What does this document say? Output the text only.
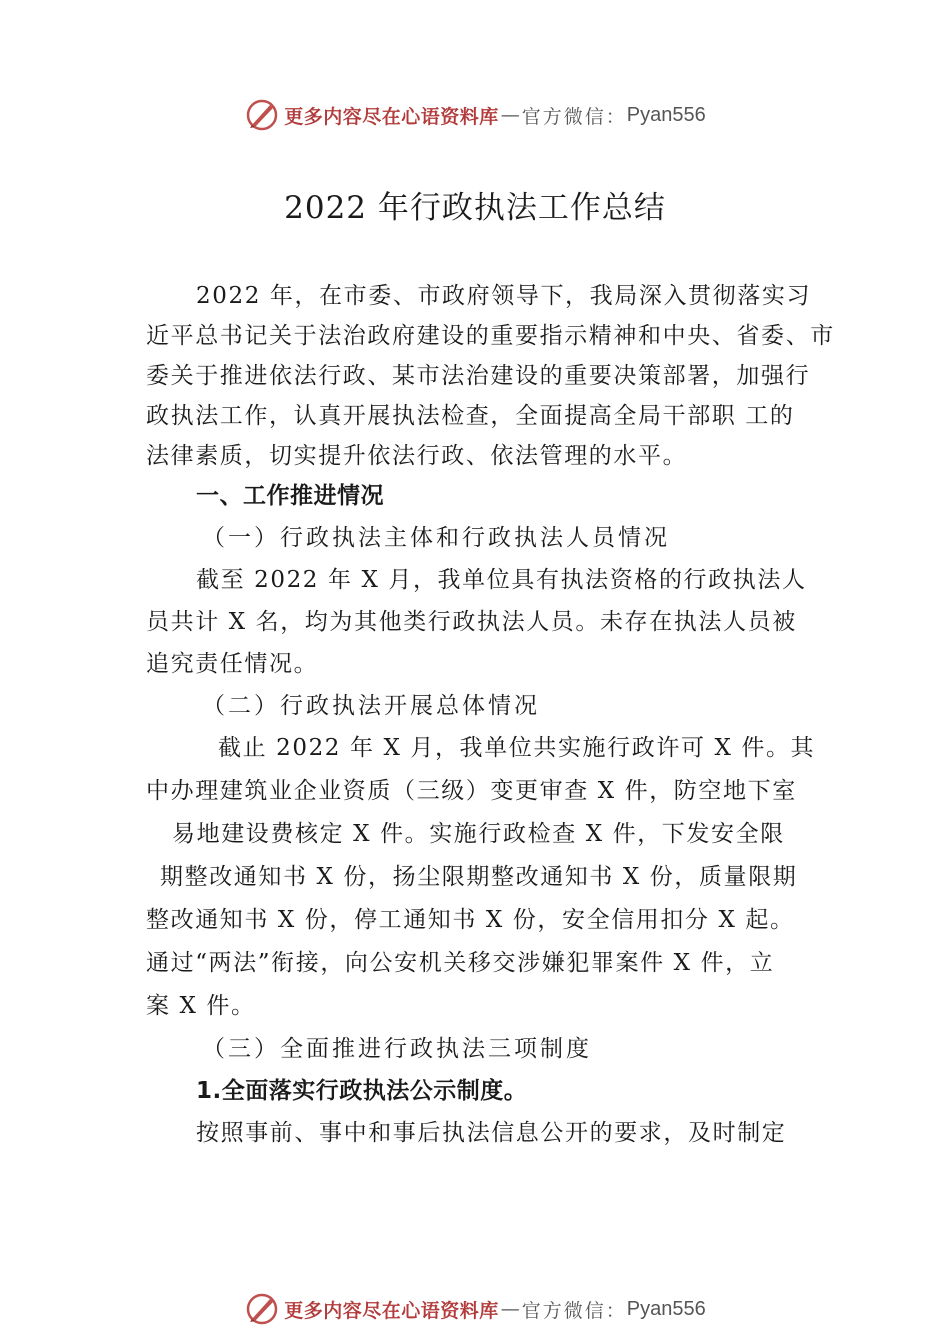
更多内容尽在心语资料库 — 官方微信： Pyan556
2022 年行政执法工作总结
2022 年，在市委、市政府领导下，我局深入贯彻落实习
近平总书记关于法治政府建设的重要指示精神和中央、省委、市
委关于推进依法行政、某市法治建设的重要决策部署，加强行
政执法工作，认真开展执法检查，全面提高全局干部职 工的
法律素质，切实提升依法行政、依法管理的水平。
一、工作推进情况
（一）行政执法主体和行政执法人员情况
截至 2022 年 X 月，我单位具有执法资格的行政执法人
员共计 X 名，均为其他类行政执法人员。未存在执法人员被
追究责任情况。
（二）行政执法开展总体情况
截止 2022 年 X 月，我单位共实施行政许可 X 件。其
中办理建筑业企业资质（三级）变更审查 X 件，防空地下室
易地建设费核定 X 件。实施行政检查 X 件，下发安全限
期整改通知书 X 份，扬尘限期整改通知书 X 份，质量限期
整改通知书 X 份，停工通知书 X 份，安全信用扣分 X 起。
通过“两法”衔接，向公安机关移交涉嫌犯罪案件 X 件，立
案 X 件。
（三）全面推进行政执法三项制度
1.全面落实行政执法公示制度。
按照事前、事中和事后执法信息公开的要求，及时制定
更多内容尽在心语资料库 — 官方微信： Pyan556
